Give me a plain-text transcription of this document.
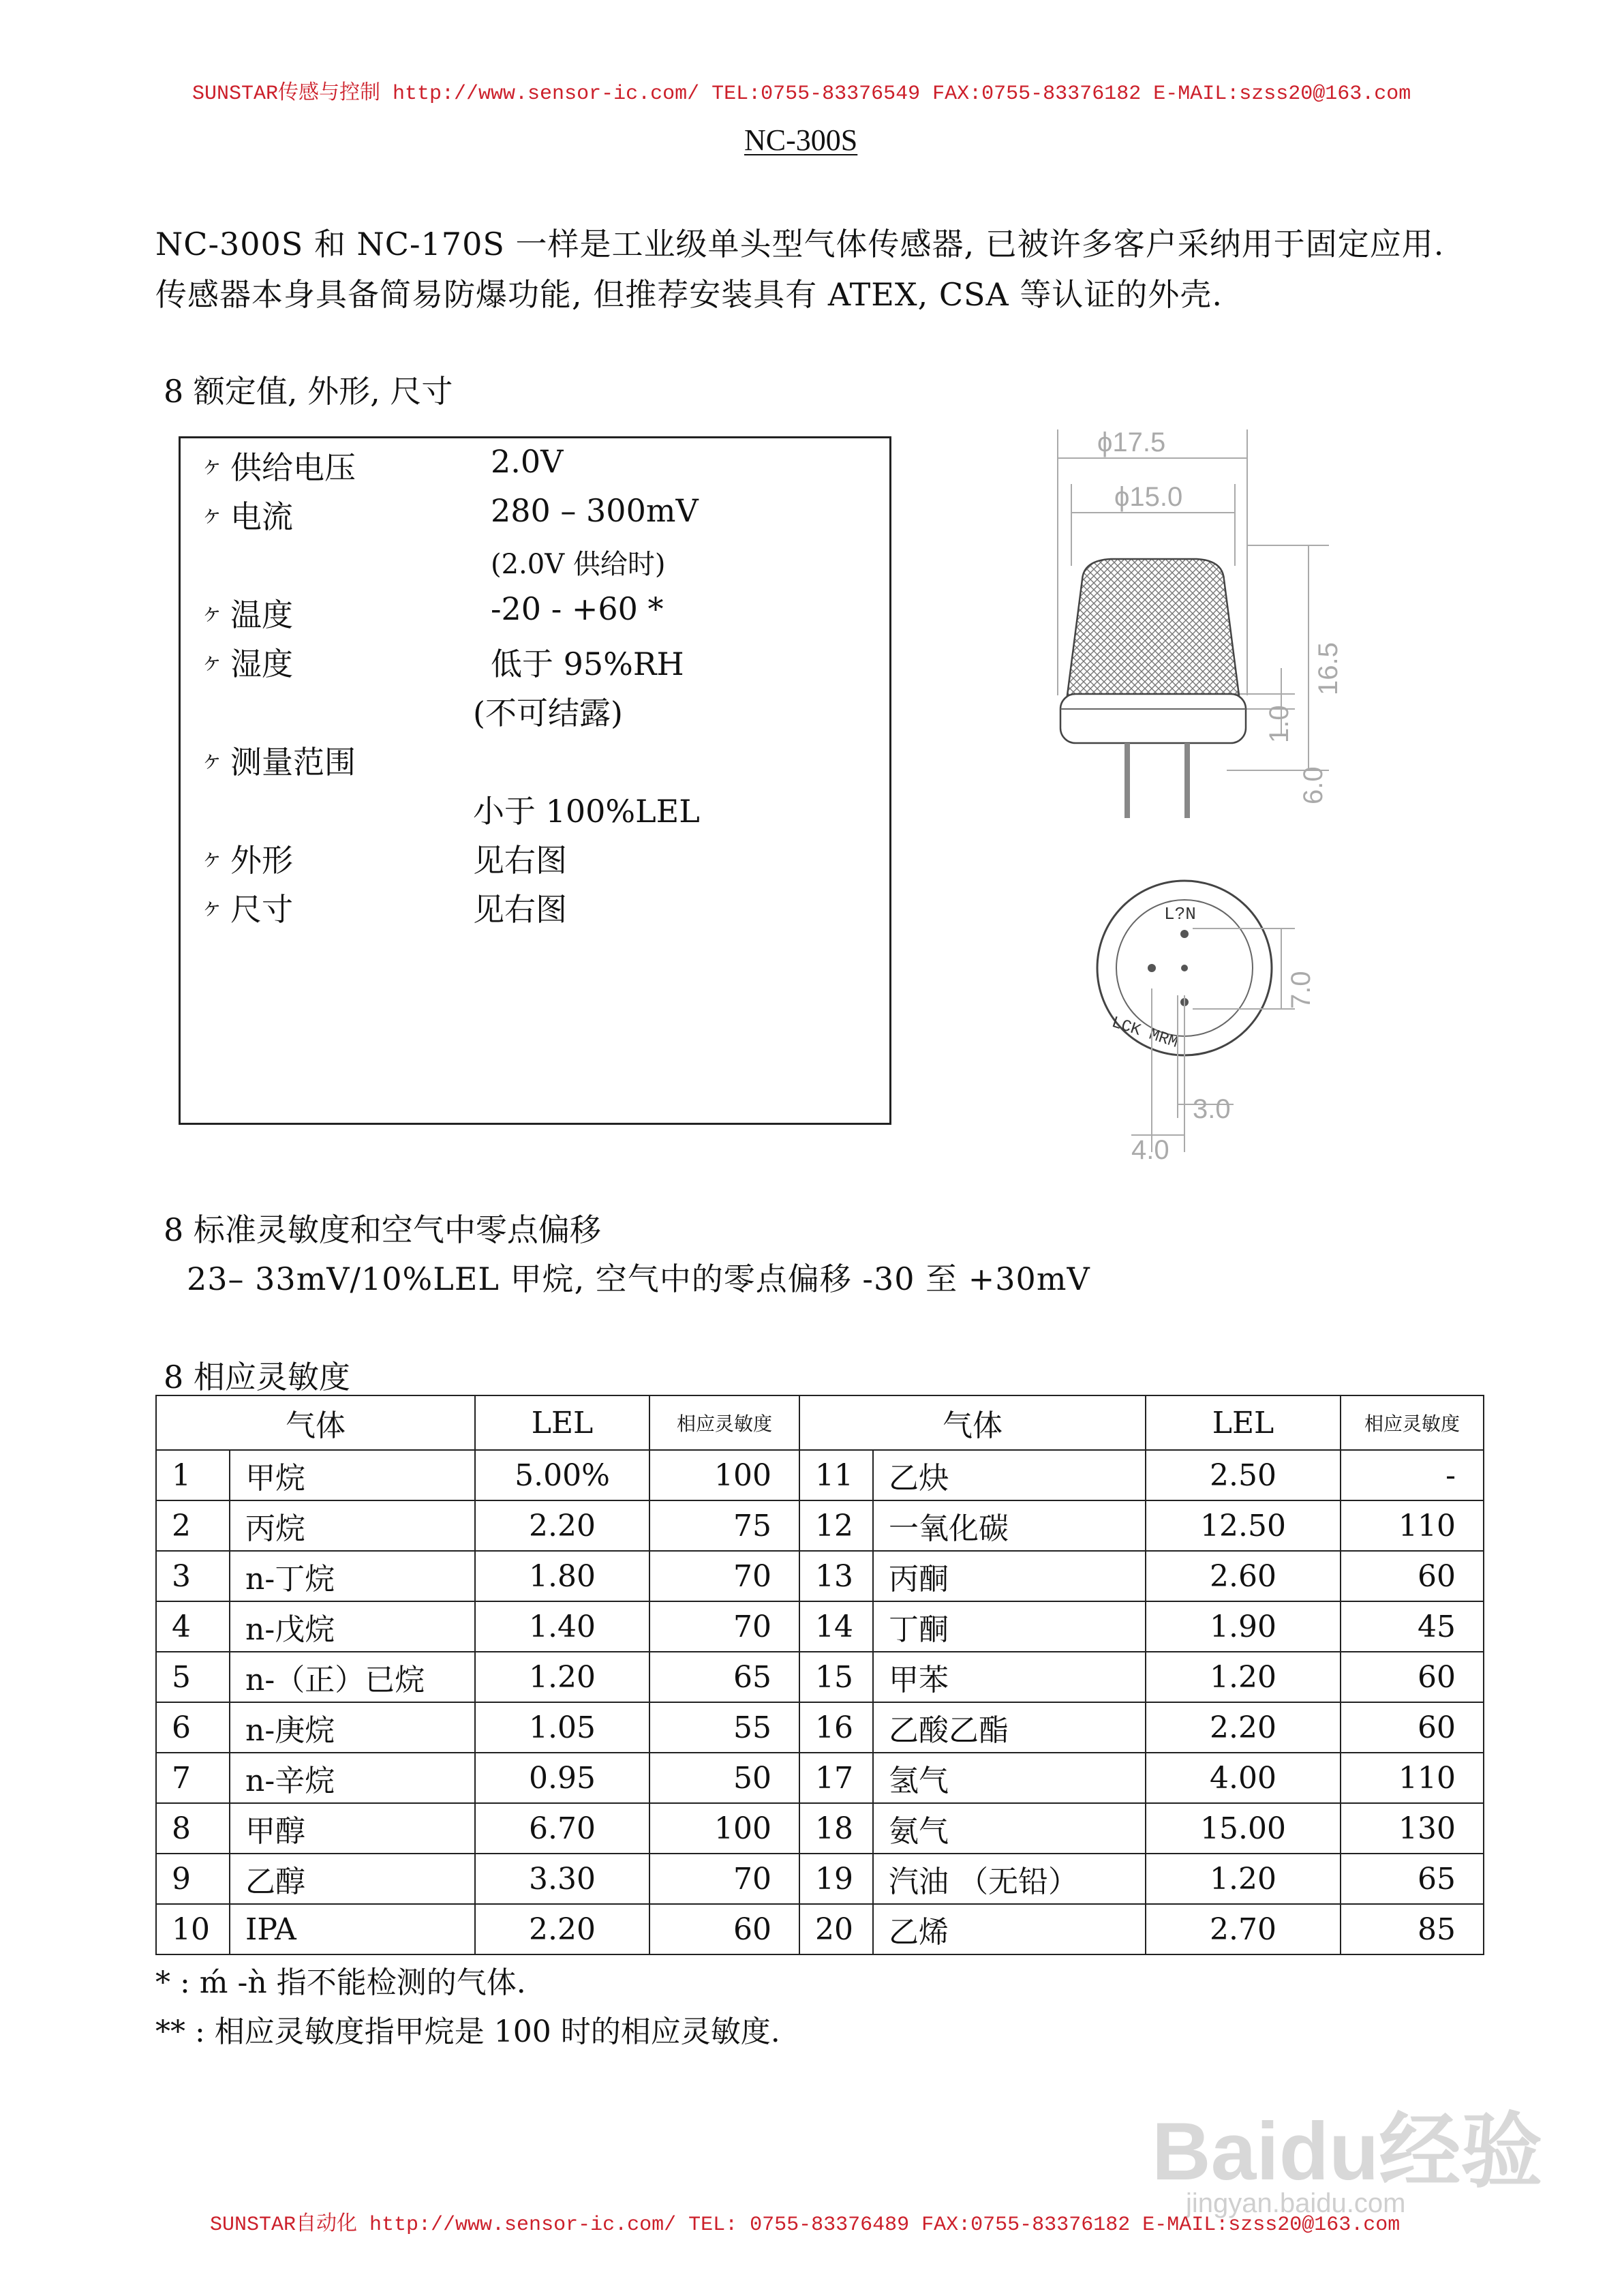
SUNSTAR传感与控制 http://www.sensor-ic.com/ TEL:0755-83376549 FAX:0755-83376182 E-MAIL:szss20@163.com
NC-300S
NC-300S 和 NC-170S 一样是工业级单头型气体传感器, 已被许多客户采纳用于固定应用.
传感器本身具备简易防爆功能, 但推荐安装具有 ATEX, CSA 等认证的外壳.
8 额定值, 外形, 尺寸
ヶ 供给电压	2.0V
ヶ 电流	280 – 300mV
(2.0V 供给时)
ヶ 温度	-20 - +60 *
ヶ 湿度	低于 95%RH
(不可结露)
ヶ 测量范围
小于 100%LEL
ヶ 外形	见右图
ヶ 尺寸	见右图
ϕ17.5
ϕ15.0
16.5
1.0
6.0
L?N
LCK MRM
7.0
3.0
4.0
8 标准灵敏度和空气中零点偏移
23– 33mV/10%LEL 甲烷, 空气中的零点偏移 -30 至 +30mV
8 相应灵敏度
气体		LEL	相应灵敏度	气体		LEL	相应灵敏度
1	甲烷	5.00%	100	11	乙炔	2.50	-
2	丙烷	2.20	75	12	一氧化碳	12.50	110
3	n-丁烷	1.80	70	13	丙酮	2.60	60
4	n-戊烷	1.40	70	14	丁酮	1.90	45
5	n-（正）已烷	1.20	65	15	甲苯	1.20	60
6	n-庚烷	1.05	55	16	乙酸乙酯	2.20	60
7	n-辛烷	0.95	50	17	氢气	4.00	110
8	甲醇	6.70	100	18	氨气	15.00	130
9	乙醇	3.30	70	19	汽油 （无铅）	1.20	65
10	IPA	2.20	60	20	乙烯	2.70	85
* : ḿ -ǹ 指不能检测的气体.
** : 相应灵敏度指甲烷是 100 时的相应灵敏度.
Baidu经验
jingyan.baidu.com
SUNSTAR自动化 http://www.sensor-ic.com/ TEL: 0755-83376489 FAX:0755-83376182 E-MAIL:szss20@163.com
